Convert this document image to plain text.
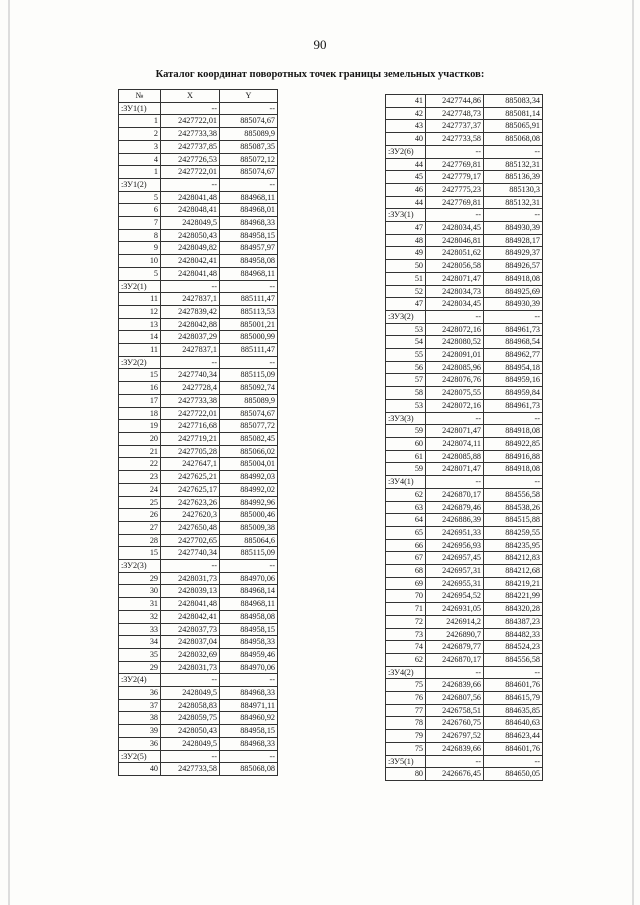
90
Каталог координат поворотных точек границы земельных участков:
№	X	Y
:ЗУ1(1)	--	--
1	2427722,01	885074,67
2	2427733,38	885089,9
3	2427737,85	885087,35
4	2427726,53	885072,12
1	2427722,01	885074,67
:ЗУ1(2)	--	--
5	2428041,48	884968,11
6	2428048,41	884968,01
7	2428049,5	884968,33
8	2428050,43	884958,15
9	2428049,82	884957,97
10	2428042,41	884958,08
5	2428041,48	884968,11
:ЗУ2(1)	--	--
11	2427837,1	885111,47
12	2427839,42	885113,53
13	2428042,88	885001,21
14	2428037,29	885000,99
11	2427837,1	885111,47
:ЗУ2(2)	--	--
15	2427740,34	885115,09
16	2427728,4	885092,74
17	2427733,38	885089,9
18	2427722,01	885074,67
19	2427716,68	885077,72
20	2427719,21	885082,45
21	2427705,28	885066,02
22	2427647,1	885004,01
23	2427625,21	884992,03
24	2427625,17	884992,02
25	2427623,26	884992,96
26	2427620,3	885000,46
27	2427650,48	885009,38
28	2427702,65	885064,6
15	2427740,34	885115,09
:ЗУ2(3)	--	--
29	2428031,73	884970,06
30	2428039,13	884968,14
31	2428041,48	884968,11
32	2428042,41	884958,08
33	2428037,73	884958,15
34	2428037,04	884958,33
35	2428032,69	884959,46
29	2428031,73	884970,06
:ЗУ2(4)	--	--
36	2428049,5	884968,33
37	2428058,83	884971,11
38	2428059,75	884960,92
39	2428050,43	884958,15
36	2428049,5	884968,33
:ЗУ2(5)	--	--
40	2427733,58	885068,08
41	2427744,86	885083,34
42	2427748,73	885081,14
43	2427737,37	885065,91
40	2427733,58	885068,08
:ЗУ2(6)	--	--
44	2427769,81	885132,31
45	2427779,17	885136,39
46	2427775,23	885130,3
44	2427769,81	885132,31
:ЗУ3(1)	--	--
47	2428034,45	884930,39
48	2428046,81	884928,17
49	2428051,62	884929,37
50	2428056,58	884926,57
51	2428071,47	884918,08
52	2428034,73	884925,69
47	2428034,45	884930,39
:ЗУ3(2)	--	--
53	2428072,16	884961,73
54	2428080,52	884968,54
55	2428091,01	884962,77
56	2428085,96	884954,18
57	2428076,76	884959,16
58	2428075,55	884959,84
53	2428072,16	884961,73
:ЗУ3(3)	--	--
59	2428071,47	884918,08
60	2428074,11	884922,85
61	2428085,88	884916,88
59	2428071,47	884918,08
:ЗУ4(1)	--	--
62	2426870,17	884556,58
63	2426879,46	884538,26
64	2426886,39	884515,88
65	2426951,33	884259,55
66	2426956,93	884235,95
67	2426957,45	884212,83
68	2426957,31	884212,68
69	2426955,31	884219,21
70	2426954,52	884221,99
71	2426931,05	884320,28
72	2426914,2	884387,23
73	2426890,7	884482,33
74	2426879,77	884524,23
62	2426870,17	884556,58
:ЗУ4(2)	--	--
75	2426839,66	884601,76
76	2426807,56	884615,79
77	2426758,51	884635,85
78	2426760,75	884640,63
79	2426797,52	884623,44
75	2426839,66	884601,76
:ЗУ5(1)	--	--
80	2426676,45	884650,05
